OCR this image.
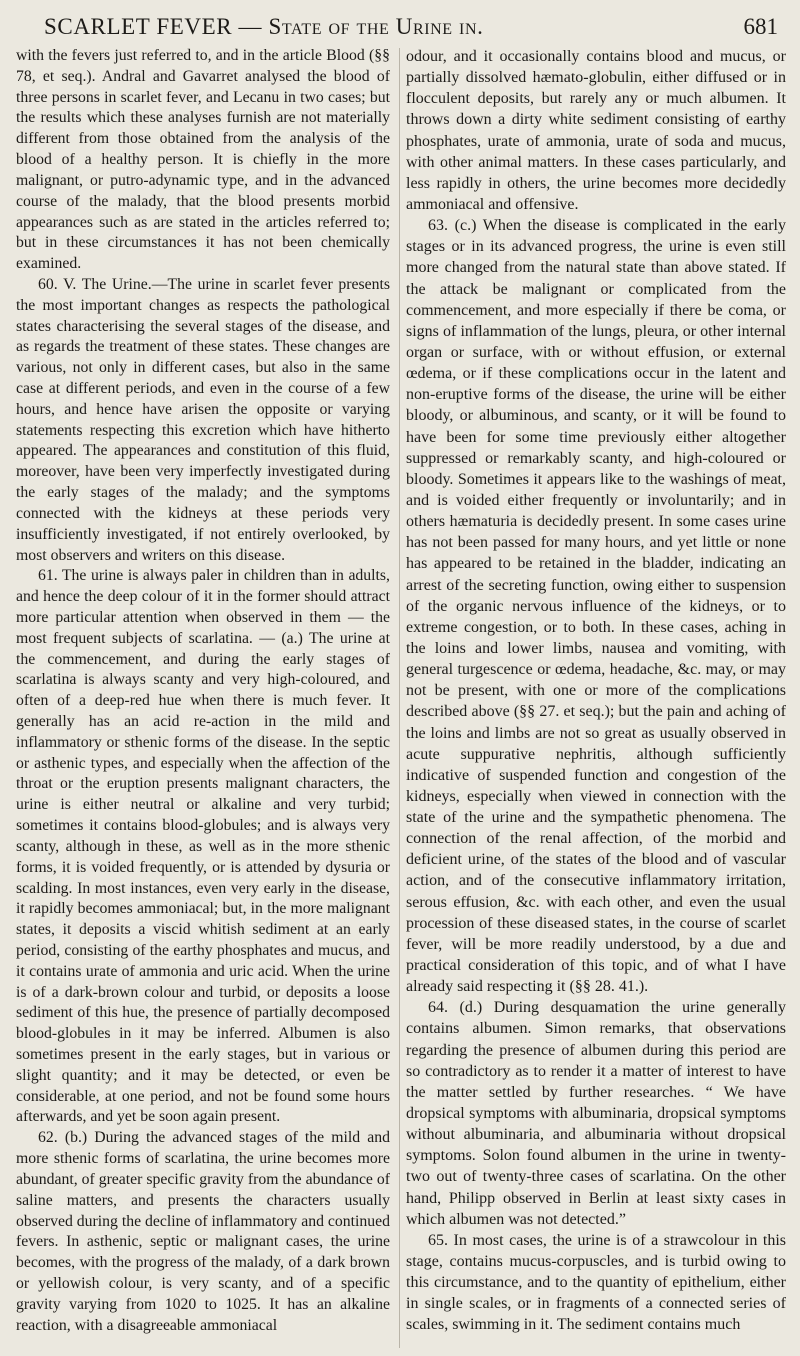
SCARLET FEVER — State of the Urine in.	681

with the fevers just referred to, and in the article Blood (§§ 78, et seq.). Andral and Gavarret analysed the blood of three persons in scarlet fever, and Lecanu in two cases; but the results which these analyses furnish are not materially different from those obtained from the analysis of the blood of a healthy person. It is chiefly in the more malignant, or putro-adynamic type, and in the advanced course of the malady, that the blood presents morbid appearances such as are stated in the articles referred to; but in these circumstances it has not been chemically examined.

60. V. The Urine.—The urine in scarlet fever presents the most important changes as respects the pathological states characterising the several stages of the disease, and as regards the treatment of these states. These changes are various, not only in different cases, but also in the same case at different periods, and even in the course of a few hours, and hence have arisen the opposite or varying statements respecting this excretion which have hitherto appeared. The appearances and constitution of this fluid, moreover, have been very imperfectly investigated during the early stages of the malady; and the symptoms connected with the kidneys at these periods very insufficiently investigated, if not entirely overlooked, by most observers and writers on this disease.

61. The urine is always paler in children than in adults, and hence the deep colour of it in the former should attract more particular attention when observed in them — the most frequent subjects of scarlatina. — (a.) The urine at the commencement, and during the early stages of scarlatina is always scanty and very high-coloured, and often of a deep-red hue when there is much fever. It generally has an acid re-action in the mild and inflammatory or sthenic forms of the disease. In the septic or asthenic types, and especially when the affection of the throat or the eruption presents malignant characters, the urine is either neutral or alkaline and very turbid; sometimes it contains blood-globules; and is always very scanty, although in these, as well as in the more sthenic forms, it is voided frequently, or is attended by dysuria or scalding. In most instances, even very early in the disease, it rapidly becomes ammoniacal; but, in the more malignant states, it deposits a viscid whitish sediment at an early period, consisting of the earthy phosphates and mucus, and it contains urate of ammonia and uric acid. When the urine is of a dark-brown colour and turbid, or deposits a loose sediment of this hue, the presence of partially decomposed blood-globules in it may be inferred. Albumen is also sometimes present in the early stages, but in various or slight quantity; and it may be detected, or even be considerable, at one period, and not be found some hours afterwards, and yet be soon again present.

62. (b.) During the advanced stages of the mild and more sthenic forms of scarlatina, the urine becomes more abundant, of greater specific gravity from the abundance of saline matters, and presents the characters usually observed during the decline of inflammatory and continued fevers. In asthenic, septic or malignant cases, the urine becomes, with the progress of the malady, of a dark brown or yellowish colour, is very scanty, and of a specific gravity varying from 1020 to 1025. It has an alkaline reaction, with a disagreeable ammoniacal

odour, and it occasionally contains blood and mucus, or partially dissolved hæmato-globulin, either diffused or in flocculent deposits, but rarely any or much albumen. It throws down a dirty white sediment consisting of earthy phosphates, urate of ammonia, urate of soda and mucus, with other animal matters. In these cases particularly, and less rapidly in others, the urine becomes more decidedly ammoniacal and offensive.

63. (c.) When the disease is complicated in the early stages or in its advanced progress, the urine is even still more changed from the natural state than above stated. If the attack be malignant or complicated from the commencement, and more especially if there be coma, or signs of inflammation of the lungs, pleura, or other internal organ or surface, with or without effusion, or external œdema, or if these complications occur in the latent and non-eruptive forms of the disease, the urine will be either bloody, or albuminous, and scanty, or it will be found to have been for some time previously either altogether suppressed or remarkably scanty, and high-coloured or bloody. Sometimes it appears like to the washings of meat, and is voided either frequently or involuntarily; and in others hæmaturia is decidedly present. In some cases urine has not been passed for many hours, and yet little or none has appeared to be retained in the bladder, indicating an arrest of the secreting function, owing either to suspension of the organic nervous influence of the kidneys, or to extreme congestion, or to both. In these cases, aching in the loins and lower limbs, nausea and vomiting, with general turgescence or œdema, headache, &c. may, or may not be present, with one or more of the complications described above (§§ 27. et seq.); but the pain and aching of the loins and limbs are not so great as usually observed in acute suppurative nephritis, although sufficiently indicative of suspended function and congestion of the kidneys, especially when viewed in connection with the state of the urine and the sympathetic phenomena. The connection of the renal affection, of the morbid and deficient urine, of the states of the blood and of vascular action, and of the consecutive inflammatory irritation, serous effusion, &c. with each other, and even the usual procession of these diseased states, in the course of scarlet fever, will be more readily understood, by a due and practical consideration of this topic, and of what I have already said respecting it (§§ 28. 41.).

64. (d.) During desquamation the urine generally contains albumen. Simon remarks, that observations regarding the presence of albumen during this period are so contradictory as to render it a matter of interest to have the matter settled by further researches. “ We have dropsical symptoms with albuminaria, dropsical symptoms without albuminaria, and albuminaria without dropsical symptoms. Solon found albumen in the urine in twenty-two out of twenty-three cases of scarlatina. On the other hand, Philipp observed in Berlin at least sixty cases in which albumen was not detected.”

65. In most cases, the urine is of a strawcolour in this stage, contains mucus-corpuscles, and is turbid owing to this circumstance, and to the quantity of epithelium, either in single scales, or in fragments of a connected series of scales, swimming in it. The sediment contains much
